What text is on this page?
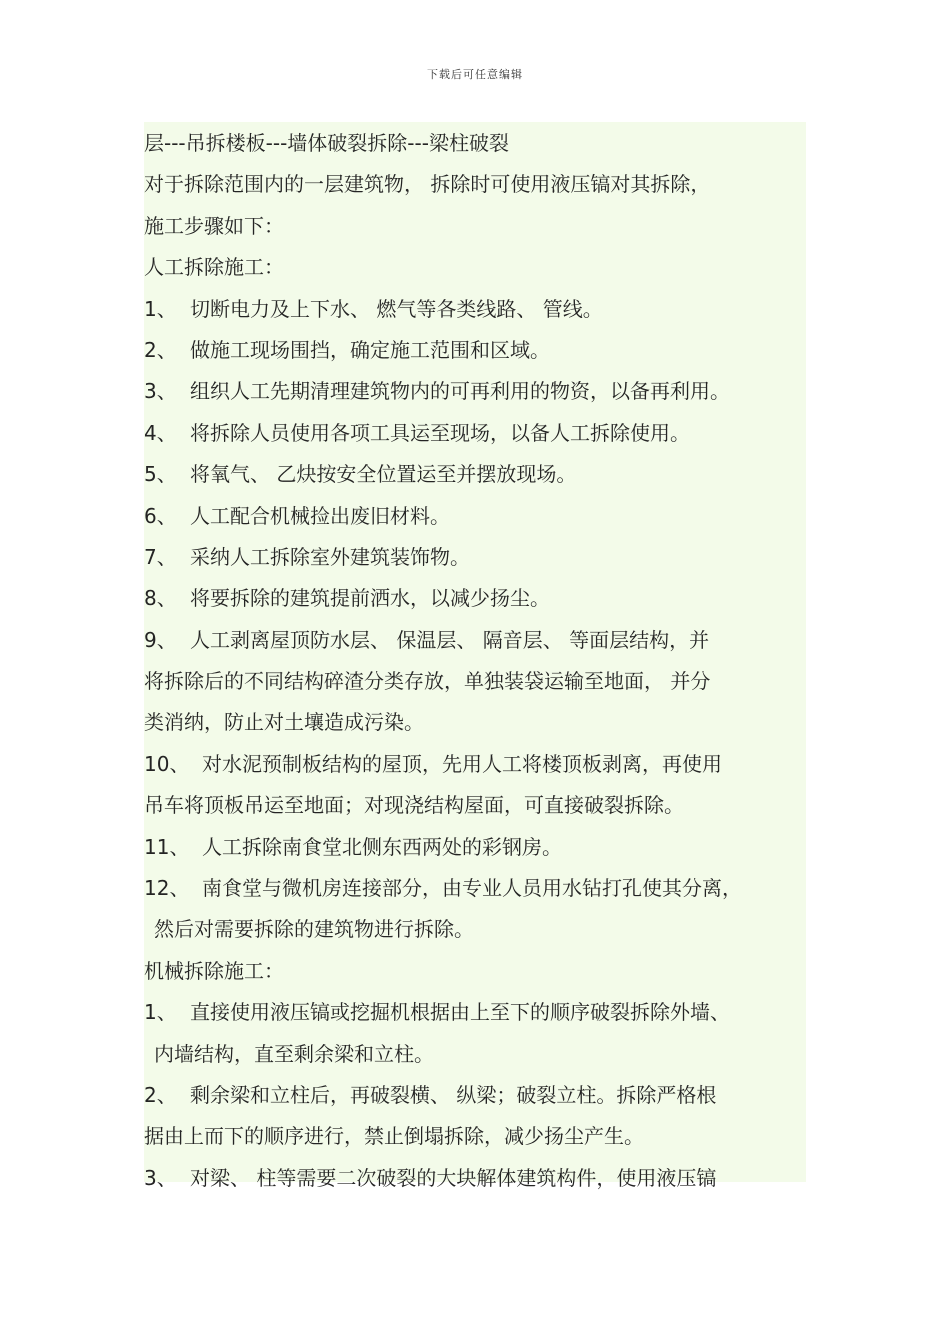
下载后可任意编辑
层---吊拆楼板---墙体破裂拆除---梁柱破裂
对于拆除范围内的一层建筑物， 拆除时可使用液压镐对其拆除，
施工步骤如下：
人工拆除施工：
1、 切断电力及上下水、 燃气等各类线路、 管线。
2、 做施工现场围挡，确定施工范围和区域。
3、 组织人工先期清理建筑物内的可再利用的物资，以备再利用。
4、 将拆除人员使用各项工具运至现场，以备人工拆除使用。
5、 将氧气、 乙炔按安全位置运至并摆放现场。
6、 人工配合机械捡出废旧材料。
7、 采纳人工拆除室外建筑装饰物。
8、 将要拆除的建筑提前洒水，以减少扬尘。
9、 人工剥离屋顶防水层、 保温层、 隔音层、 等面层结构，并
将拆除后的不同结构碎渣分类存放，单独装袋运输至地面， 并分
类消纳，防止对土壤造成污染。
10、 对水泥预制板结构的屋顶，先用人工将楼顶板剥离，再使用
吊车将顶板吊运至地面；对现浇结构屋面，可直接破裂拆除。
11、 人工拆除南食堂北侧东西两处的彩钢房。
12、 南食堂与微机房连接部分，由专业人员用水钻打孔使其分离，
然后对需要拆除的建筑物进行拆除。
机械拆除施工：
1、 直接使用液压镐或挖掘机根据由上至下的顺序破裂拆除外墙、
内墙结构，直至剩余梁和立柱。
2、 剩余梁和立柱后，再破裂横、 纵梁；破裂立柱。拆除严格根
据由上而下的顺序进行，禁止倒塌拆除，减少扬尘产生。
3、 对梁、 柱等需要二次破裂的大块解体建筑构件，使用液压镐
